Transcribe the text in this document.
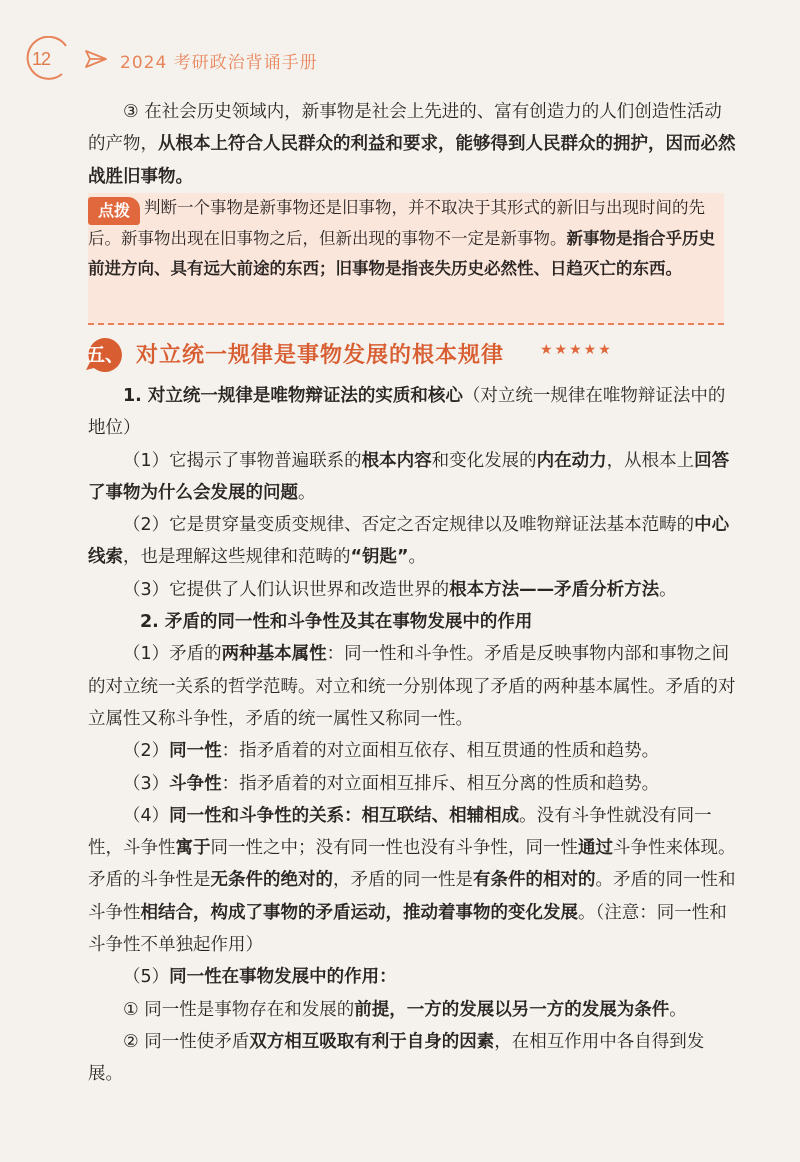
12	2024 考研政治背诵手册

③ 在社会历史领域内，新事物是社会上先进的、富有创造力的人们创造性活动的产物，从根本上符合人民群众的利益和要求，能够得到人民群众的拥护，因而必然战胜旧事物。

点拨 判断一个事物是新事物还是旧事物，并不取决于其形式的新旧与出现时间的先后。新事物出现在旧事物之后，但新出现的事物不一定是新事物。新事物是指合乎历史前进方向、具有远大前途的东西；旧事物是指丧失历史必然性、日趋灭亡的东西。
五、 对立统一规律是事物发展的根本规律	★★★★★

1. 对立统一规律是唯物辩证法的实质和核心（对立统一规律在唯物辩证法中的地位）

（1）它揭示了事物普遍联系的根本内容和变化发展的内在动力，从根本上回答了事物为什么会发展的问题。

（2）它是贯穿量变质变规律、否定之否定规律以及唯物辩证法基本范畴的中心线索，也是理解这些规律和范畴的“钥匙”。

（3）它提供了人们认识世界和改造世界的根本方法——矛盾分析方法。

2. 矛盾的同一性和斗争性及其在事物发展中的作用

（1）矛盾的两种基本属性：同一性和斗争性。矛盾是反映事物内部和事物之间的对立统一关系的哲学范畴。对立和统一分别体现了矛盾的两种基本属性。矛盾的对立属性又称斗争性，矛盾的统一属性又称同一性。

（2）同一性：指矛盾着的对立面相互依存、相互贯通的性质和趋势。

（3）斗争性：指矛盾着的对立面相互排斥、相互分离的性质和趋势。

（4）同一性和斗争性的关系：相互联结、相辅相成。没有斗争性就没有同一性，斗争性寓于同一性之中；没有同一性也没有斗争性，同一性通过斗争性来体现。矛盾的斗争性是无条件的绝对的，矛盾的同一性是有条件的相对的。矛盾的同一性和斗争性相结合，构成了事物的矛盾运动，推动着事物的变化发展。（注意：同一性和斗争性不单独起作用）

（5）同一性在事物发展中的作用：

① 同一性是事物存在和发展的前提，一方的发展以另一方的发展为条件。

② 同一性使矛盾双方相互吸取有利于自身的因素，在相互作用中各自得到发展。
